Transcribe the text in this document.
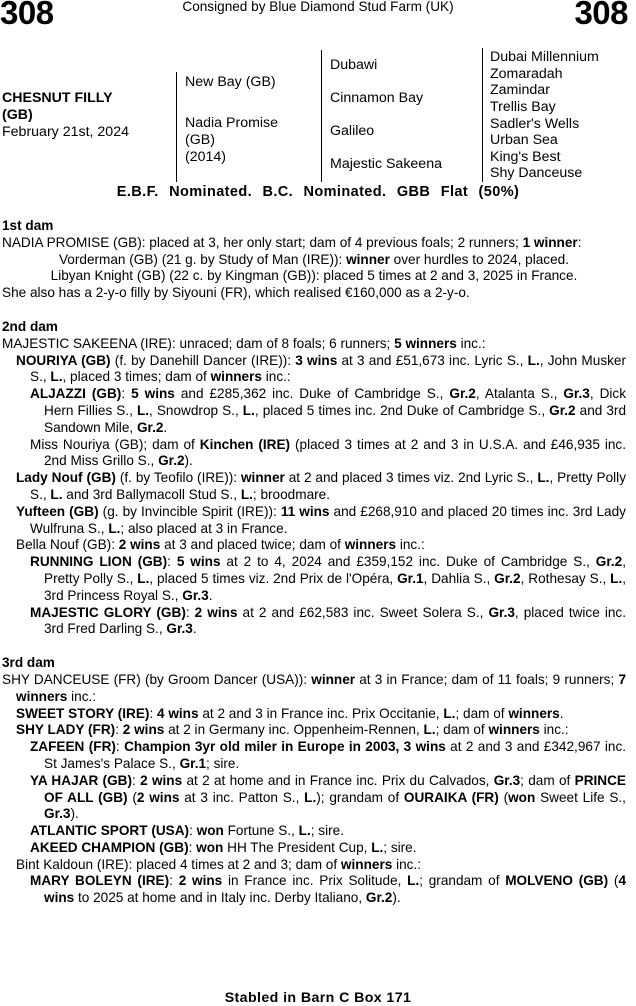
308	Consigned by Blue Diamond Stud Farm (UK)	308
CHESNUT FILLY
(GB)
February 21st, 2024
New Bay (GB)
Nadia Promise
(GB)
(2014)
Dubawi
Cinnamon Bay
Galileo
Majestic Sakeena
Dubai Millennium
Zomaradah
Zamindar
Trellis Bay
Sadler's Wells
Urban Sea
King's Best
Shy Danceuse
E.B.F. Nominated. B.C. Nominated. GBB Flat (50%)

1st dam

NADIA PROMISE (GB): placed at 3, her only start; dam of 4 previous foals; 2 runners; 1 winner:

Vorderman (GB) (21 g. by Study of Man (IRE)): winner over hurdles to 2024, placed.

Libyan Knight (GB) (22 c. by Kingman (GB)): placed 5 times at 2 and 3, 2025 in France.

She also has a 2-y-o filly by Siyouni (FR), which realised €160,000 as a 2-y-o.

2nd dam

MAJESTIC SAKEENA (IRE): unraced; dam of 8 foals; 6 runners; 5 winners inc.:

NOURIYA (GB) (f. by Danehill Dancer (IRE)): 3 wins at 3 and £51,673 inc. Lyric S., L., John Musker S., L., placed 3 times; dam of winners inc.:

ALJAZZI (GB): 5 wins and £285,362 inc. Duke of Cambridge S., Gr.2, Atalanta S., Gr.3, Dick Hern Fillies S., L., Snowdrop S., L., placed 5 times inc. 2nd Duke of Cambridge S., Gr.2 and 3rd Sandown Mile, Gr.2.

Miss Nouriya (GB); dam of Kinchen (IRE) (placed 3 times at 2 and 3 in U.S.A. and £46,935 inc. 2nd Miss Grillo S., Gr.2).

Lady Nouf (GB) (f. by Teofilo (IRE)): winner at 2 and placed 3 times viz. 2nd Lyric S., L., Pretty Polly S., L. and 3rd Ballymacoll Stud S., L.; broodmare.

Yufteen (GB) (g. by Invincible Spirit (IRE)): 11 wins and £268,910 and placed 20 times inc. 3rd Lady Wulfruna S., L.; also placed at 3 in France.

Bella Nouf (GB): 2 wins at 3 and placed twice; dam of winners inc.:

RUNNING LION (GB): 5 wins at 2 to 4, 2024 and £359,152 inc. Duke of Cambridge S., Gr.2, Pretty Polly S., L., placed 5 times viz. 2nd Prix de l'Opéra, Gr.1, Dahlia S., Gr.2, Rothesay S., L., 3rd Princess Royal S., Gr.3.

MAJESTIC GLORY (GB): 2 wins at 2 and £62,583 inc. Sweet Solera S., Gr.3, placed twice inc. 3rd Fred Darling S., Gr.3.

3rd dam

SHY DANCEUSE (FR) (by Groom Dancer (USA)): winner at 3 in France; dam of 11 foals; 9 runners; 7 winners inc.:

SWEET STORY (IRE): 4 wins at 2 and 3 in France inc. Prix Occitanie, L.; dam of winners.

SHY LADY (FR): 2 wins at 2 in Germany inc. Oppenheim-Rennen, L.; dam of winners inc.:

ZAFEEN (FR): Champion 3yr old miler in Europe in 2003, 3 wins at 2 and 3 and £342,967 inc. St James's Palace S., Gr.1; sire.

YA HAJAR (GB): 2 wins at 2 at home and in France inc. Prix du Calvados, Gr.3; dam of PRINCE OF ALL (GB) (2 wins at 3 inc. Patton S., L.); grandam of OURAIKA (FR) (won Sweet Life S., Gr.3).

ATLANTIC SPORT (USA): won Fortune S., L.; sire.

AKEED CHAMPION (GB): won HH The President Cup, L.; sire.

Bint Kaldoun (IRE): placed 4 times at 2 and 3; dam of winners inc.:

MARY BOLEYN (IRE): 2 wins in France inc. Prix Solitude, L.; grandam of MOLVENO (GB) (4 wins to 2025 at home and in Italy inc. Derby Italiano, Gr.2).

Stabled in Barn C Box 171
